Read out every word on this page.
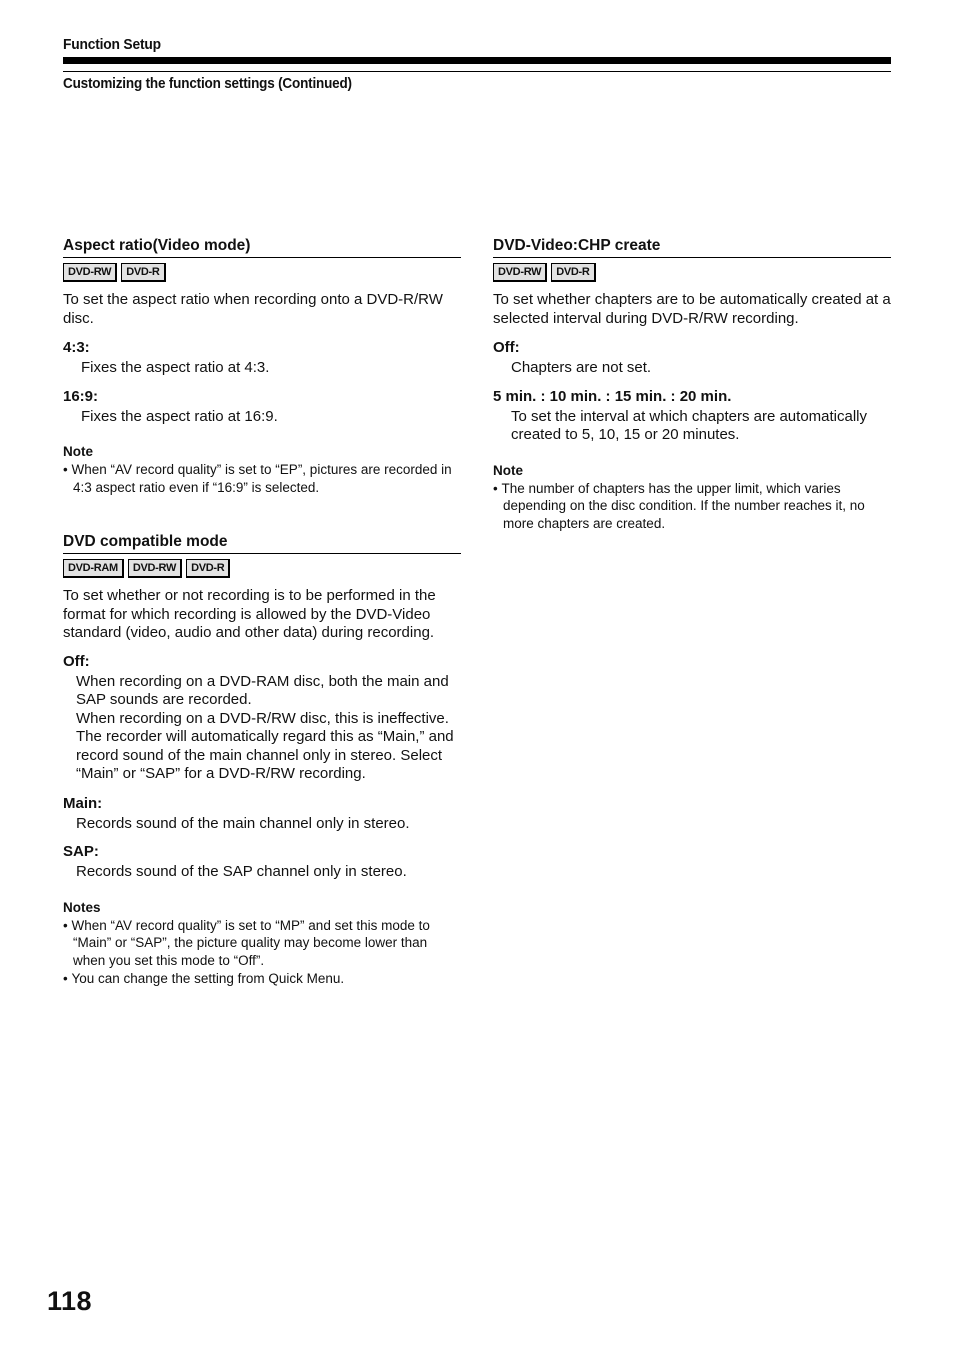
Function Setup
Customizing the function settings (Continued)
Aspect ratio(Video mode)
DVD-RW	DVD-R

To set the aspect ratio when recording onto a DVD-R/RW disc.

4:3:

Fixes the aspect ratio at 4:3.

16:9:

Fixes the aspect ratio at 16:9.

Note

• When “AV record quality” is set to “EP”, pictures are recorded in 4:3 aspect ratio even if “16:9” is selected.

DVD compatible mode
DVD-RAM	DVD-RW	DVD-R

To set whether or not recording is to be performed in the format for which recording is allowed by the DVD-Video standard (video, audio and other data) during recording.

Off:

When recording on a DVD-RAM disc, both the main and SAP sounds are recorded.

When recording on a DVD-R/RW disc, this is ineffective. The recorder will automatically regard this as “Main,” and record sound of the main channel only in stereo. Select “Main” or “SAP” for a DVD-R/RW recording.

Main:

Records sound of the main channel only in stereo.

SAP:

Records sound of the SAP channel only in stereo.

Notes

• When “AV record quality” is set to “MP” and set this mode to “Main” or “SAP”, the picture quality may become lower than when you set this mode to “Off”.

• You can change the setting from Quick Menu.

DVD-Video:CHP create
DVD-RW	DVD-R

To set whether chapters are to be automatically created at a selected interval during DVD-R/RW recording.

Off:

Chapters are not set.

5 min. : 10 min. : 15 min. : 20 min.

To set the interval at which chapters are automatically created to 5, 10, 15 or 20 minutes.

Note

• The number of chapters has the upper limit, which varies depending on the disc condition. If the number reaches it, no more chapters are created.

118
